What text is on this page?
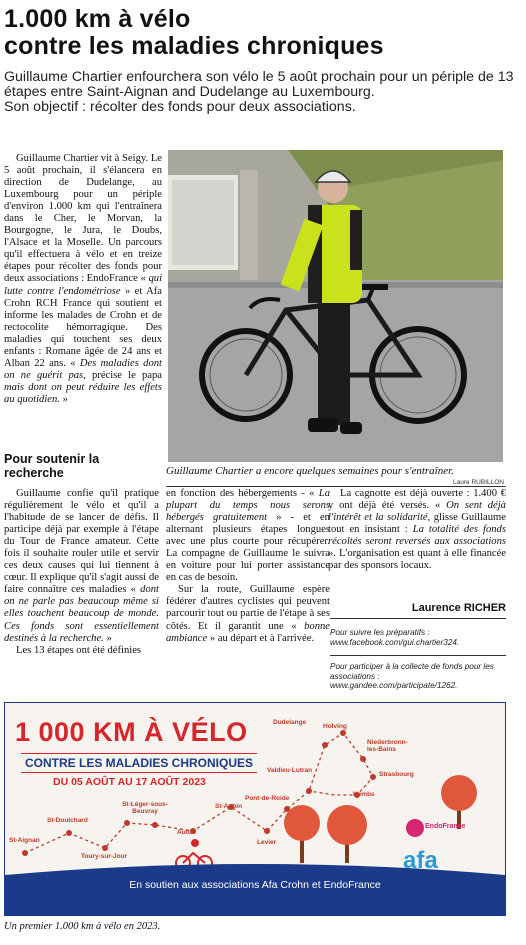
1.000 km à vélo
contre les maladies chroniques
Guillaume Chartier enfourchera son vélo le 5 août prochain pour un périple de 13 étapes entre Saint-Aignan and Dudelange au Luxembourg.
Son objectif : récolter des fonds pour deux associations.

Guillaume Chartier vit à Seigy. Le 5 août prochain, il s'élancera en direction de Dudelange, au Luxembourg pour un périple d'environ 1.000 km qui l'entraînera dans le Cher, le Morvan, la Bourgogne, le Jura, le Doubs, l'Alsace et la Moselle. Un parcours qu'il effectuera à vélo et en treize étapes pour récolter des fonds pour deux associations : EndoFrance « qui lutte contre l'endométriose » et Afa Crohn RCH France qui soutient et informe les malades de Crohn et de rectocolite hémorragique. Des maladies qui touchent ses deux enfants : Romane âgée de 24 ans et Alban 22 ans. « Des maladies dont on ne guérit pas, précise le papa mais dont on peut réduire les effets au quotidien. »

Pour soutenir la
recherche	Guillaume Chartier a encore quelques semaines pour s'entraîner.
Laure RUBILLON

Guillaume confie qu'il pratique régulièrement le vélo et qu'il a l'habitude de se lancer de défis. Il participe déjà par exemple à l'étape du Tour de France amateur. Cette fois il souhaite rouler utile et servir ces deux causes qui lui tiennent à cœur. Il explique qu'il s'agit aussi de faire connaître ces maladies « dont on ne parle pas beaucoup même si elles touchent beaucoup de monde. Ces fonds sont essentiellement destinés à la recherche. »

Les 13 étapes ont été définies

en fonction des hébergements - « La plupart du temps nous serons hébergés gratuitement » - et en alternant plusieurs étapes longues avec une plus courte pour récupérer. La compagne de Guillaume le suivra en voiture pour lui porter assistance en cas de besoin.

Sur la route, Guillaume espère fédérer d'autres cyclistes qui peuvent parcourir tout ou partie de l'étape à ses côtés. Et il garantit une « bonne ambiance » au départ et à l'arrivée.

La cagnotte est déjà ouverte : 1.400 € y ont déjà été versés. « On sent déjà l'intérêt et la solidarité, glisse Guillaume tout en insistant : La totalité des fonds récoltés seront reversés aux associations ». L'organisation est quant à elle financée par des sponsors locaux.

Laurence RICHER
Pour suivre les préparatifs : www.facebook.com/gui.chartier324.
Pour participer à la collecte de fonds pour les associations : www.gandee.com/participate/1262.
1 000 KM À VÉLO
CONTRE LES MALADIES CHRONIQUES
DU 05 AOÛT AU 17 AOÛT 2023
Dudelange
Holving
Niederbronn-les-Bains
Strasbourg
Valdieu-Lutran
Kembs
Pont-de-Roide
St-Aubin
Levier
St-Léger-sous-Beuvray
Autun
St-Doulchard
St-Aignan
Toury-sur-Jour
EndoFrance
afa
En soutien aux associations Afa Crohn et EndoFrance
Un premier 1.000 km à vélo en 2023.
